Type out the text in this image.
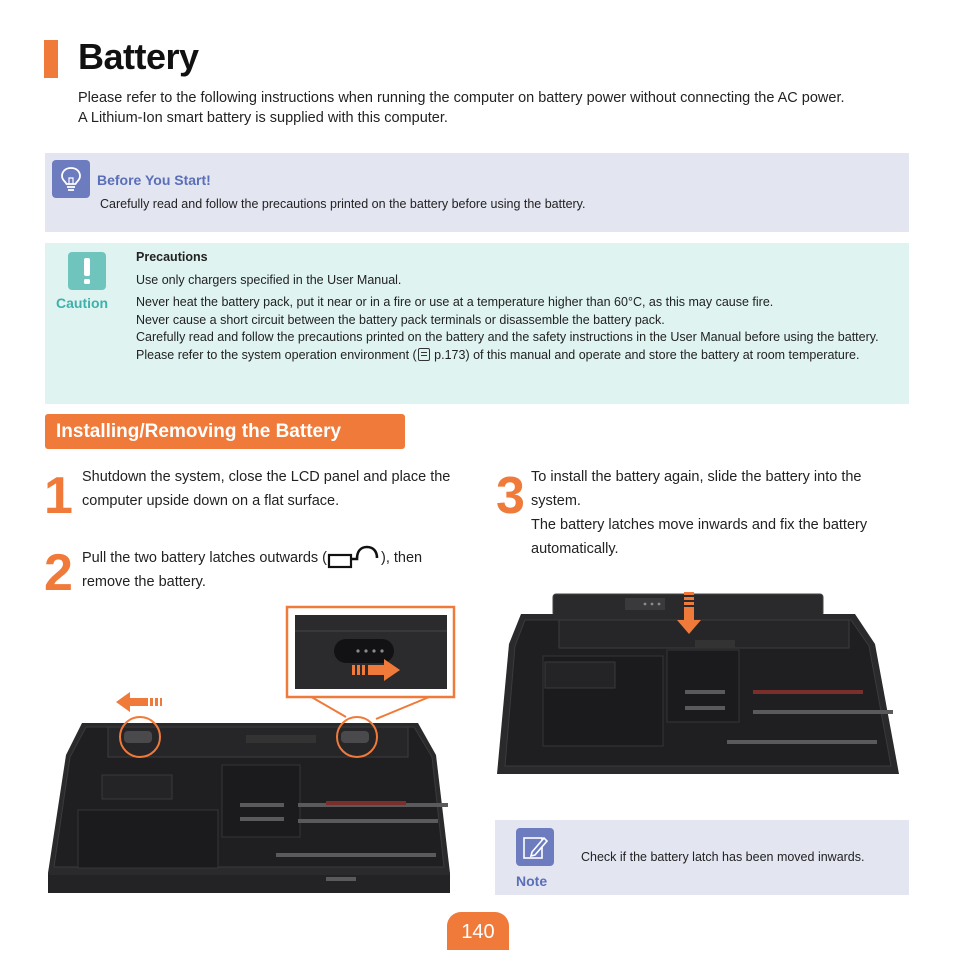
Battery

Please refer to the following instructions when running the computer on battery power without connecting the AC power.

A Lithium-Ion smart battery is supplied with this computer.

Before You Start!
Carefully read and follow the precautions printed on the battery before using the battery.
Caution
Precautions
Use only chargers specified in the User Manual.
Never heat the battery pack, put it near or in a fire or use at a temperature higher than 60°C, as this may cause fire.
Never cause a short circuit between the battery pack terminals or disassemble the battery pack.
Carefully read and follow the precautions printed on the battery and the safety instructions in the User Manual before using the battery.
Please refer to the system operation environment ( p.173) of this manual and operate and store the battery at room temperature.
Installing/Removing the Battery
1 Shutdown the system, close the LCD panel and place the computer upside down on a flat surface.
2 Pull the two battery latches outwards (	), then remove the battery.
3 To install the battery again, slide the battery into the system.
The battery latches move inwards and fix the battery automatically.
Note
Check if the battery latch has been moved inwards.
140
